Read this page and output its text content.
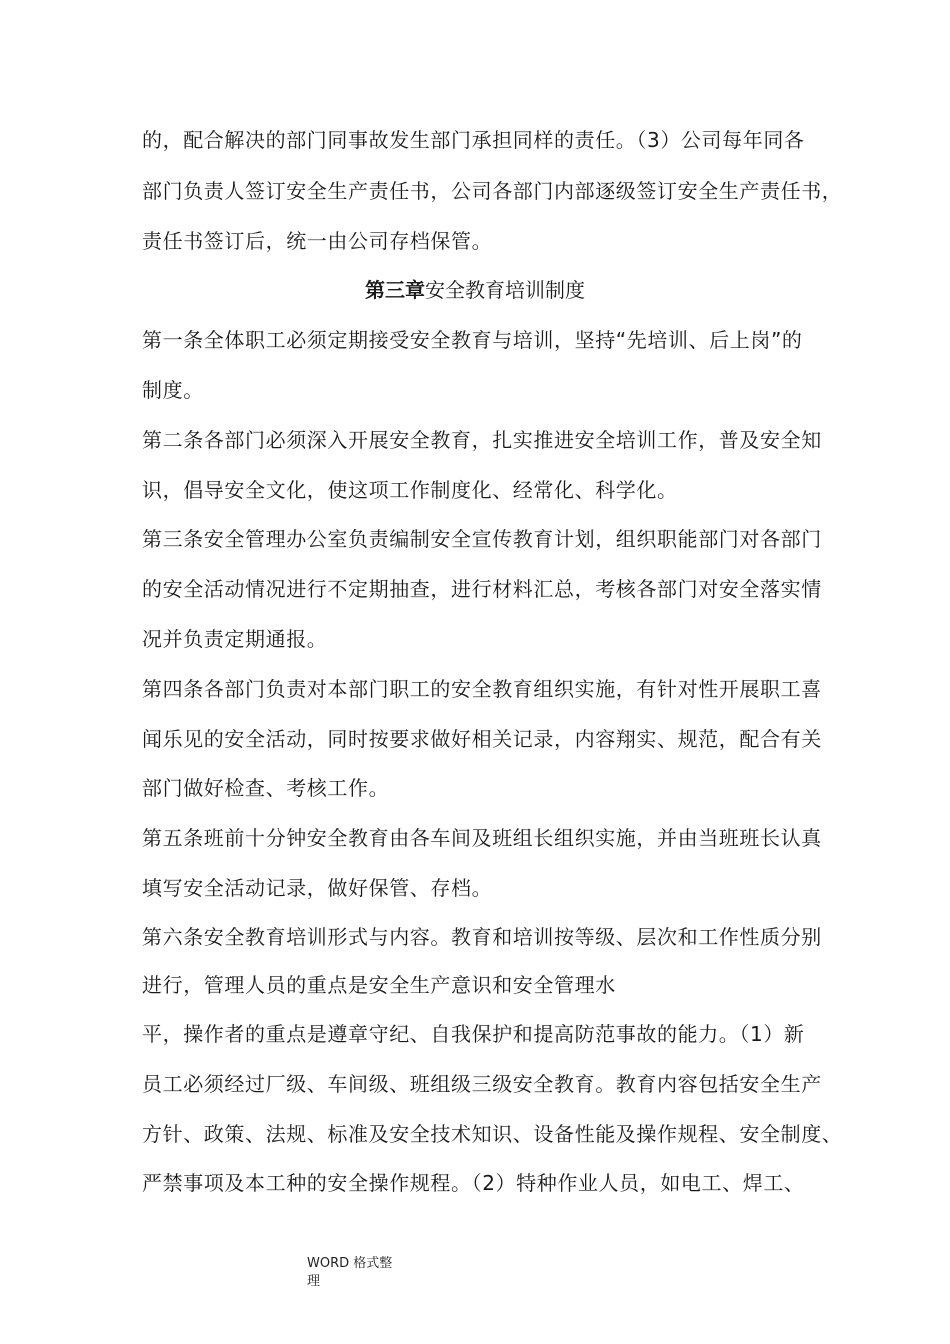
的，配合解决的部门同事故发生部门承担同样的责任。（3）公司每年同各
部门负责人签订安全生产责任书，公司各部门内部逐级签订安全生产责任书，
责任书签订后，统一由公司存档保管。
第三章安全教育培训制度
第一条全体职工必须定期接受安全教育与培训，坚持“先培训、后上岗”的
制度。
第二条各部门必须深入开展安全教育，扎实推进安全培训工作，普及安全知
识，倡导安全文化，使这项工作制度化、经常化、科学化。
第三条安全管理办公室负责编制安全宣传教育计划，组织职能部门对各部门
的安全活动情况进行不定期抽查，进行材料汇总，考核各部门对安全落实情
况并负责定期通报。
第四条各部门负责对本部门职工的安全教育组织实施，有针对性开展职工喜
闻乐见的安全活动，同时按要求做好相关记录，内容翔实、规范，配合有关
部门做好检查、考核工作。
第五条班前十分钟安全教育由各车间及班组长组织实施，并由当班班长认真
填写安全活动记录，做好保管、存档。
第六条安全教育培训形式与内容。教育和培训按等级、层次和工作性质分别
进行，管理人员的重点是安全生产意识和安全管理水
平，操作者的重点是遵章守纪、自我保护和提高防范事故的能力。（1）新
员工必须经过厂级、车间级、班组级三级安全教育。教育内容包括安全生产
方针、政策、法规、标准及安全技术知识、设备性能及操作规程、安全制度、
严禁事项及本工种的安全操作规程。（2）特种作业人员，如电工、焊工、
WORD 格式整
理
